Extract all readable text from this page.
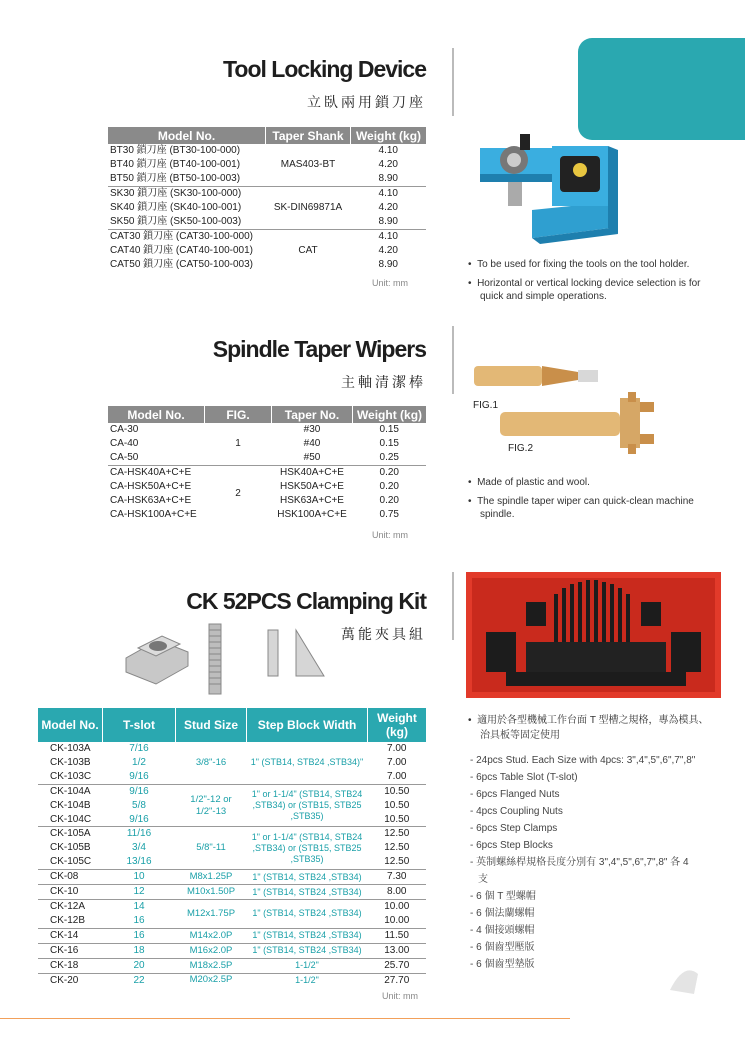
Tool Locking Device
立臥兩用鎖刀座
Model No.	Taper Shank	Weight (kg)
BT30 鎖刀座 (BT30-100-000)	MAS403-BT	4.10
BT40 鎖刀座 (BT40-100-001)		4.20
BT50 鎖刀座 (BT50-100-003)		8.90
SK30 鎖刀座 (SK30-100-000)	SK-DIN69871A	4.10
SK40 鎖刀座 (SK40-100-001)		4.20
SK50 鎖刀座 (SK50-100-003)		8.90
CAT30 鎖刀座 (CAT30-100-000)	CAT	4.10
CAT40 鎖刀座 (CAT40-100-001)		4.20
CAT50 鎖刀座 (CAT50-100-003)		8.90
Unit: mm
•  To be used for fixing the tools on the tool holder.
•  Horizontal or vertical locking device selection is for quick and simple operations.
Spindle Taper Wipers
主軸清潔棒
Model No.	FIG.	Taper No.	Weight (kg)
CA-30	1	#30	0.15
CA-40		#40	0.15
CA-50		#50	0.25
CA-HSK40A+C+E	2	HSK40A+C+E	0.20
CA-HSK50A+C+E		HSK50A+C+E	0.20
CA-HSK63A+C+E		HSK63A+C+E	0.20
CA-HSK100A+C+E		HSK100A+C+E	0.75
Unit: mm
FIG.1
FIG.2
•  Made of plastic and wool.
•  The spindle taper wiper can quick-clean machine spindle.
CK 52PCS Clamping Kit
萬能夾具組
Model No.	T-slot	Stud Size	Step Block Width	Weight (kg)
CK-103A	7/16	3/8"-16	1" (STB14, STB24 ,STB34)"	7.00
CK-103B	1/2			7.00
CK-103C	9/16			7.00
CK-104A	9/16	1/2"-12 or 1/2"-13	1" or 1-1/4" (STB14, STB24 ,STB34) or (STB15, STB25 ,STB35)	10.50
CK-104B	5/8			10.50
CK-104C	9/16			10.50
CK-105A	11/16	5/8"-11	1" or 1-1/4" (STB14, STB24 ,STB34) or (STB15, STB25 ,STB35)	12.50
CK-105B	3/4			12.50
CK-105C	13/16			12.50
CK-08	10	M8x1.25P	1" (STB14, STB24 ,STB34)	7.30
CK-10	12	M10x1.50P	1" (STB14, STB24 ,STB34)	8.00
CK-12A	14	M12x1.75P	1" (STB14, STB24 ,STB34)	10.00
CK-12B	16			10.00
CK-14	16	M14x2.0P	1" (STB14, STB24 ,STB34)	11.50
CK-16	18	M16x2.0P	1" (STB14, STB24 ,STB34)	13.00
CK-18	20	M18x2.5P	1-1/2"	25.70
CK-20	22	M20x2.5P	1-1/2"	27.70
Unit: mm
•  適用於各型機械工作台面 T 型槽之規格，專為模具、治具板等固定使用
- 24pcs Stud. Each Size with 4pcs: 3",4",5",6",7",8"
- 6pcs Table Slot (T-slot)
- 6pcs Flanged Nuts
- 4pcs Coupling Nuts
- 6pcs Step Clamps
- 6pcs Step Blocks
- 英制螺絲桿規格長度分別有 3",4",5",6",7",8" 各 4 支
- 6 個 T 型螺帽
- 6 個法蘭螺帽
- 4 個接頭螺帽
- 6 個齒型壓版
- 6 個齒型墊版
